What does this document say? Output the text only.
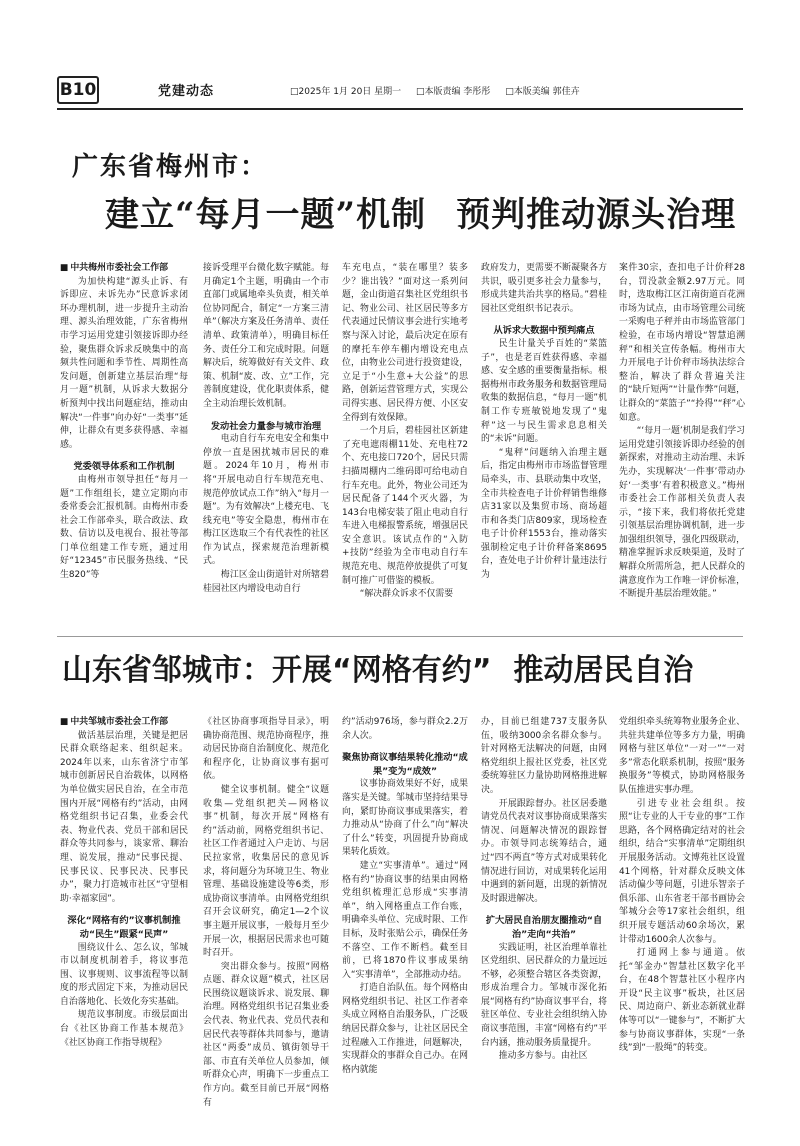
B10	党建动态	□2025年 1月 20日 星期一 □本版责编 李彤彤 □本版美编 郭佳卉
广东省梅州市：
建立“每月一题”机制 预判推动源头治理

■ 中共梅州市委社会工作部

为加快构建“源头止诉、有诉即应、未诉先办”民意诉求闭环办理机制，进一步提升主动治理、源头治理效能，广东省梅州市学习运用党建引领接诉即办经验，聚焦群众诉求反映集中的高频共性问题和季节性、周期性高发问题，创新建立基层治理“每月一题”机制，从诉求大数据分析预判中找出问题症结，推动由解决“一件事”向办好“一类事”延伸，让群众有更多获得感、幸福感。

党委领导体系和工作机制

由梅州市领导担任“每月一题”工作组组长，建立定期向市委常委会汇报机制。由梅州市委社会工作部牵头，联合政法、政数、信访以及电视台、报社等部门单位组建工作专班，通过用好“12345”市民服务热线、“民生820”等

接诉受理平台微化数字赋能。每月确定1个主题，明确由一个市直部门或属地牵头负责，相关单位协同配合，制定“一方案三清单”（解决方案及任务清单、责任清单、政策清单），明确目标任务、责任分工和完成时限。问题解决后，统筹做好有关文件、政策、机制“废、改、立”工作，完善制度建设，优化职责体系，健全主动治理长效机制。

发动社会力量参与城市治理

电动自行车充电安全和集中停放一直是困扰城市居民的难题。2024年10月，梅州市将“开展电动自行车规范充电、规范停放试点工作”纳入“每月一题”。为有效解决“上楼充电、飞线充电”等安全隐患，梅州市在梅江区选取三个有代表性的社区作为试点，探索规范治理新模式。

梅江区金山街道针对所辖碧桂园社区内增设电动自行

车充电点，“装在哪里？装多少？谁出钱？”面对这一系列问题，金山街道召集社区党组织书记、物业公司、社区居民等多方代表通过民情议事会进行实地考察与深入讨论，最后决定在原有的摩托车停车棚内增设充电点位，由物业公司进行投资建设，立足于“小生意+大公益”的思路，创新运营管理方式，实现公司得实惠、居民得方便、小区安全得到有效保障。

一个月后，碧桂园社区新建了充电遮雨棚11处、充电柱72个、充电接口720个，居民只需扫描周棚内二维码即可给电动自行车充电。此外，物业公司还为居民配备了144个灭火器，为143台电梯安装了阻止电动自行车进入电梯报警系统，增强居民安全意识。该试点作的“入防+技防”经验为全市电动自行车规范充电、规范停放提供了可复制可推广可借鉴的模板。

“解决群众诉求不仅需要

政府发力，更需要不断凝聚各方共识，吸引更多社会力量参与，形成共建共治共享的格局。”碧桂园社区党组织书记表示。

从诉求大数据中预判痛点

民生计量关乎百姓的“菜篮子”，也是老百姓获得感、幸福感、安全感的重要衡量指标。根据梅州市政务服务和数据管理局收集的数据信息，“每月一题”机制工作专班敏锐地发现了“鬼秤”这一与民生需求息息相关的“未诉”问题。

“鬼秤”问题纳入治理主题后，指定由梅州市市场监督管理局牵头，市、县联动集中攻坚，全市共检查电子计价秤销售维修店31家以及集贸市场、商场超市和各类门店809家，现场检查电子计价秤1553台，推动落实强制检定电子计价秤备案8695台，查处电子计价秤计量违法行为

案件30宗，查扣电子计价秤28台，罚没款金额2.97万元。同时，选取梅江区江南街道百花洲市场为试点，由市场管理公司统一采购电子秤并由市场监管部门检验，在市场内增设“智慧追溯秤”和相关宣传条幅。梅州市大力开展电子计价秤市场执法综合整治，解决了群众普遍关注的“缺斤短两”“计量作弊”问题，让群众的“菜篮子”“拎得”“秤”心如意。

“‘每月一题’机制是我们学习运用党建引领接诉即办经验的创新探索，对推动主动治理、未诉先办，实现解决‘一件事’带动办好‘一类事’有着积极意义。”梅州市委社会工作部相关负责人表示，“接下来，我们将依托党建引领基层治理协调机制，进一步加强组织领导，强化四级联动，精准掌握诉求反映渠道，及时了解群众所需所急，把人民群众的满意度作为工作唯一评价标准，不断提升基层治理效能。”

山东省邹城市：开展“网格有约” 推动居民自治

■ 中共邹城市委社会工作部

做活基层治理，关键是把居民群众联络起来、组织起来。2024年以来，山东省济宁市邹城市创新居民自治载体，以网格为单位做实居民自治，在全市范围内开展“网格有约”活动，由网格党组织书记召集，业委会代表、物业代表、党员干部和居民群众等共同参与，谈家常、聊治理、说发展，推动“民事民提、民事民议、民事民决、民事民办”，聚力打造城市社区“守望相助·幸福家园”。

深化“网格有约”议事机制推动“民生”跟紧“民声”

围绕议什么、怎么议，邹城市以制度机制着手，将议事范围、议事规则、议事流程等以制度的形式固定下来，为推动居民自治落地化、长效化夯实基础。

规范议事制度。市级层面出台《社区协商工作基本规范》《社区协商工作指导规程》

《社区协商事项指导目录》，明确协商范围、规范协商程序，推动居民协商自治制度化、规范化和程序化，让协商议事有据可依。

健全议事机制。健全“议题收集—党组织把关—网格议事”机制，每次开展“网格有约”活动前，网格党组织书记、社区工作者通过入户走访、与居民拉家常，收集居民的意见诉求，将问题分为环境卫生、物业管理、基础设施建设等6类，形成协商议事清单。由网格党组织召开会议研究，确定1—2个议事主题开展议事，一般每月至少开展一次，根据居民需求也可随时召开。

突出群众参与。按照“网格点题、群众议题”模式，社区居民围绕议题谈诉求、说发展、聊治理。网格党组织书记召集业委会代表、物业代表、党员代表和居民代表等群体共同参与，邀请社区“两委”成员、镇街领导干部、市直有关单位人员参加，倾听群众心声，明确下一步重点工作方向。截至目前已开展“网格有

约”活动976场，参与群众2.2万余人次。

聚焦协商议事结果转化推动“成果”变为“成效”

议事协商效果好不好，成果落实是关键。邹城市坚持结果导向，紧盯协商议事成果落实，着力推动从“协商了什么”向“解决了什么”转变，巩固提升协商成果转化质效。

建立“实事清单”。通过“网格有约”协商议事的结果由网格党组织梳理汇总形成“实事清单”，纳入网格重点工作台账，明确牵头单位、完成时限、工作目标，及时张贴公示，确保任务不落空、工作不断档。截至目前，已将1870件议事成果纳入“实事清单”，全部推动办结。

打造自治队伍。每个网格由网格党组织书记、社区工作者牵头成立网格自治服务队，广泛吸纳居民群众参与，让社区居民全过程融入工作推进，问题解决，实现群众的事群众自己办。在网格内就能

办，目前已组建737支服务队伍，吸纳3000余名群众参与。针对网格无法解决的问题，由网格党组织上报社区党委，社区党委统筹驻区力量协助网格推进解决。

开展跟踪督办。社区居委邀请党员代表对议事协商成果落实情况、问题解决情况的跟踪督办。市领导同志统筹结合，通过“四不两直”等方式对成果转化情况进行回访，对成果转化运用中遇到的新问题，出现的新情况及时跟进解决。

扩大居民自治朋友圈推动“自治”走向“共治”

实践证明，社区治理单靠社区党组织、居民群众的力量远远不够，必须整合辖区各类资源，形成治理合力。邹城市深化拓展“网格有约”协商议事平台，将驻区单位、专业社会组织纳入协商议事范围，丰富“网格有约”平台内涵，推动服务质量提升。

推动多方参与。由社区

党组织牵头统筹物业服务企业、共驻共建单位等多方力量，明确网格与驻区单位“一对一”“一对多”常态化联系机制，按照“服务换服务”等模式，协助网格服务队伍推进实事办理。

引进专业社会组织。按照“让专业的人干专业的事”工作思路，各个网格确定结对的社会组织，结合“实事清单”定期组织开展服务活动。文博苑社区设置41个网格，针对群众反映文体活动偏少等问题，引进乐智亲子俱乐部、山东省老干部书画协会邹城分会等17家社会组织，组织开展专题活动60余场次，累计带动1600余人次参与。

打通网上参与通道。依托“邹金办”智慧社区数字化平台，在48个智慧社区小程序内开设“民主议事”板块，社区居民、周边商户、新业态新就业群体等可以“一键参与”，不断扩大参与协商议事群体，实现“一条线”到“一股绳”的转变。
